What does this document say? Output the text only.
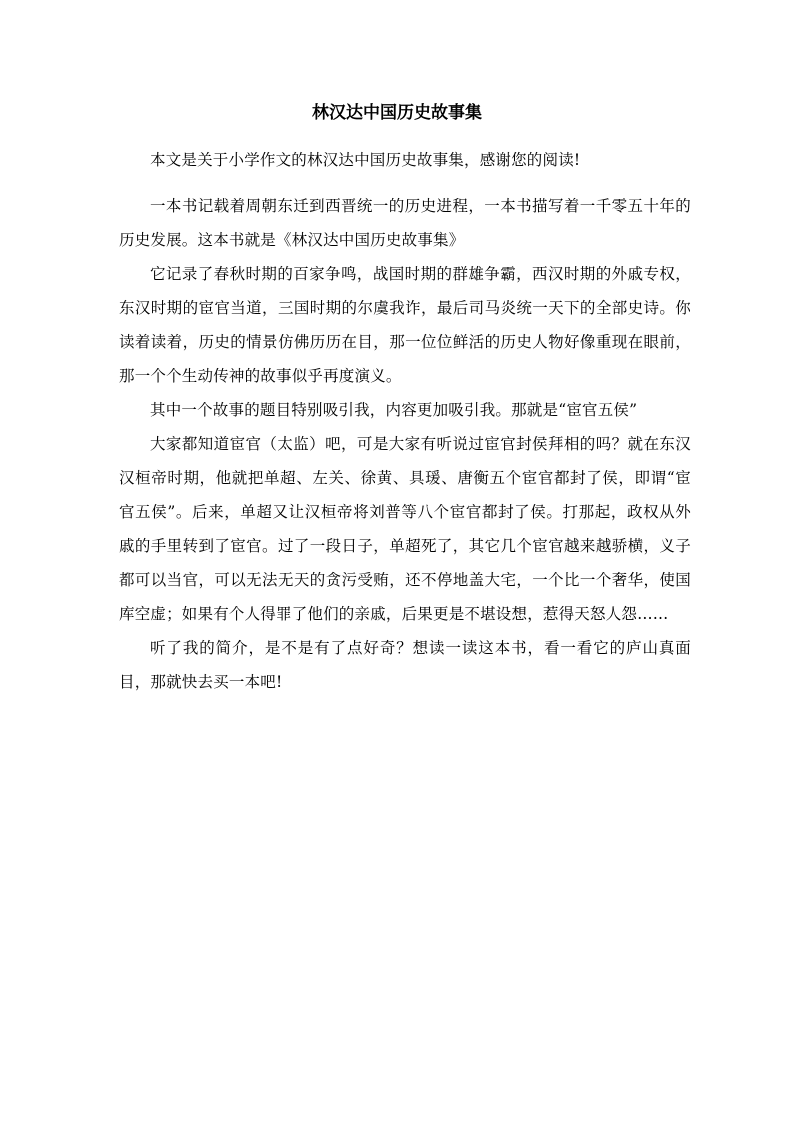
林汉达中国历史故事集

本文是关于小学作文的林汉达中国历史故事集，感谢您的阅读!

一本书记载着周朝东迁到西晋统一的历史进程，一本书描写着一千零五十年的历史发展。这本书就是《林汉达中国历史故事集》

它记录了春秋时期的百家争鸣，战国时期的群雄争霸，西汉时期的外戚专权，东汉时期的宦官当道，三国时期的尔虞我诈，最后司马炎统一天下的全部史诗。你读着读着，历史的情景仿佛历历在目，那一位位鲜活的历史人物好像重现在眼前，那一个个生动传神的故事似乎再度演义。

其中一个故事的题目特别吸引我，内容更加吸引我。那就是“宦官五侯”

大家都知道宦官（太监）吧，可是大家有听说过宦官封侯拜相的吗？就在东汉汉桓帝时期，他就把单超、左关、徐黄、具瑗、唐衡五个宦官都封了侯，即谓“宦官五侯”。后来，单超又让汉桓帝将刘普等八个宦官都封了侯。打那起，政权从外戚的手里转到了宦官。过了一段日子，单超死了，其它几个宦官越来越骄横，义子都可以当官，可以无法无天的贪污受贿，还不停地盖大宅，一个比一个奢华，使国库空虚；如果有个人得罪了他们的亲戚，后果更是不堪设想，惹得天怒人怨……

听了我的简介，是不是有了点好奇？想读一读这本书，看一看它的庐山真面目，那就快去买一本吧!
